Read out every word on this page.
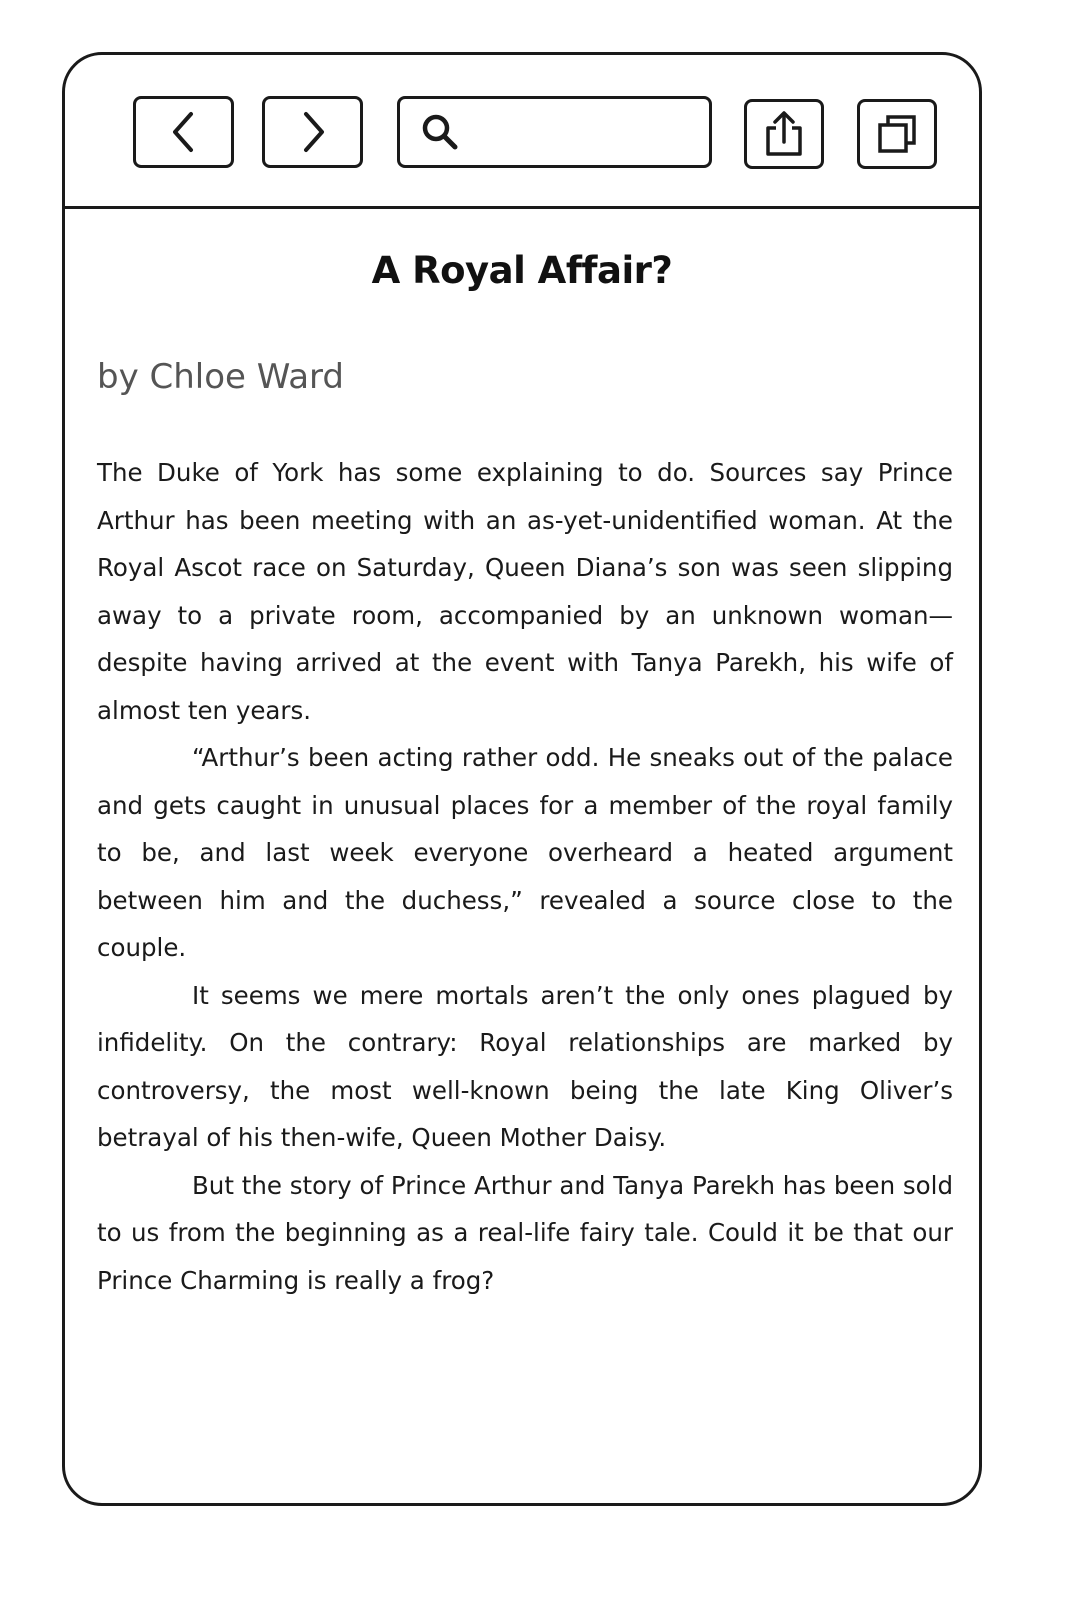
A Royal Affair?

by Chloe Ward

The Duke of York has some explaining to do. Sources say Prince Arthur has been meeting with an as-yet-unidentified woman. At the Royal Ascot race on Saturday, Queen Diana’s son was seen slipping away to a private room, accompanied by an unknown woman—despite having arrived at the event with Tanya Parekh, his wife of almost ten years.

“Arthur’s been acting rather odd. He sneaks out of the palace and gets caught in unusual places for a member of the royal family to be, and last week everyone overheard a heated argument between him and the duchess,” revealed a source close to the couple.

It seems we mere mortals aren’t the only ones plagued by infidelity. On the contrary: Royal relationships are marked by controversy, the most well-known being the late King Oliver’s betrayal of his then-wife, Queen Mother Daisy.

But the story of Prince Arthur and Tanya Parekh has been sold to us from the beginning as a real-life fairy tale. Could it be that our Prince Charming is really a frog?
